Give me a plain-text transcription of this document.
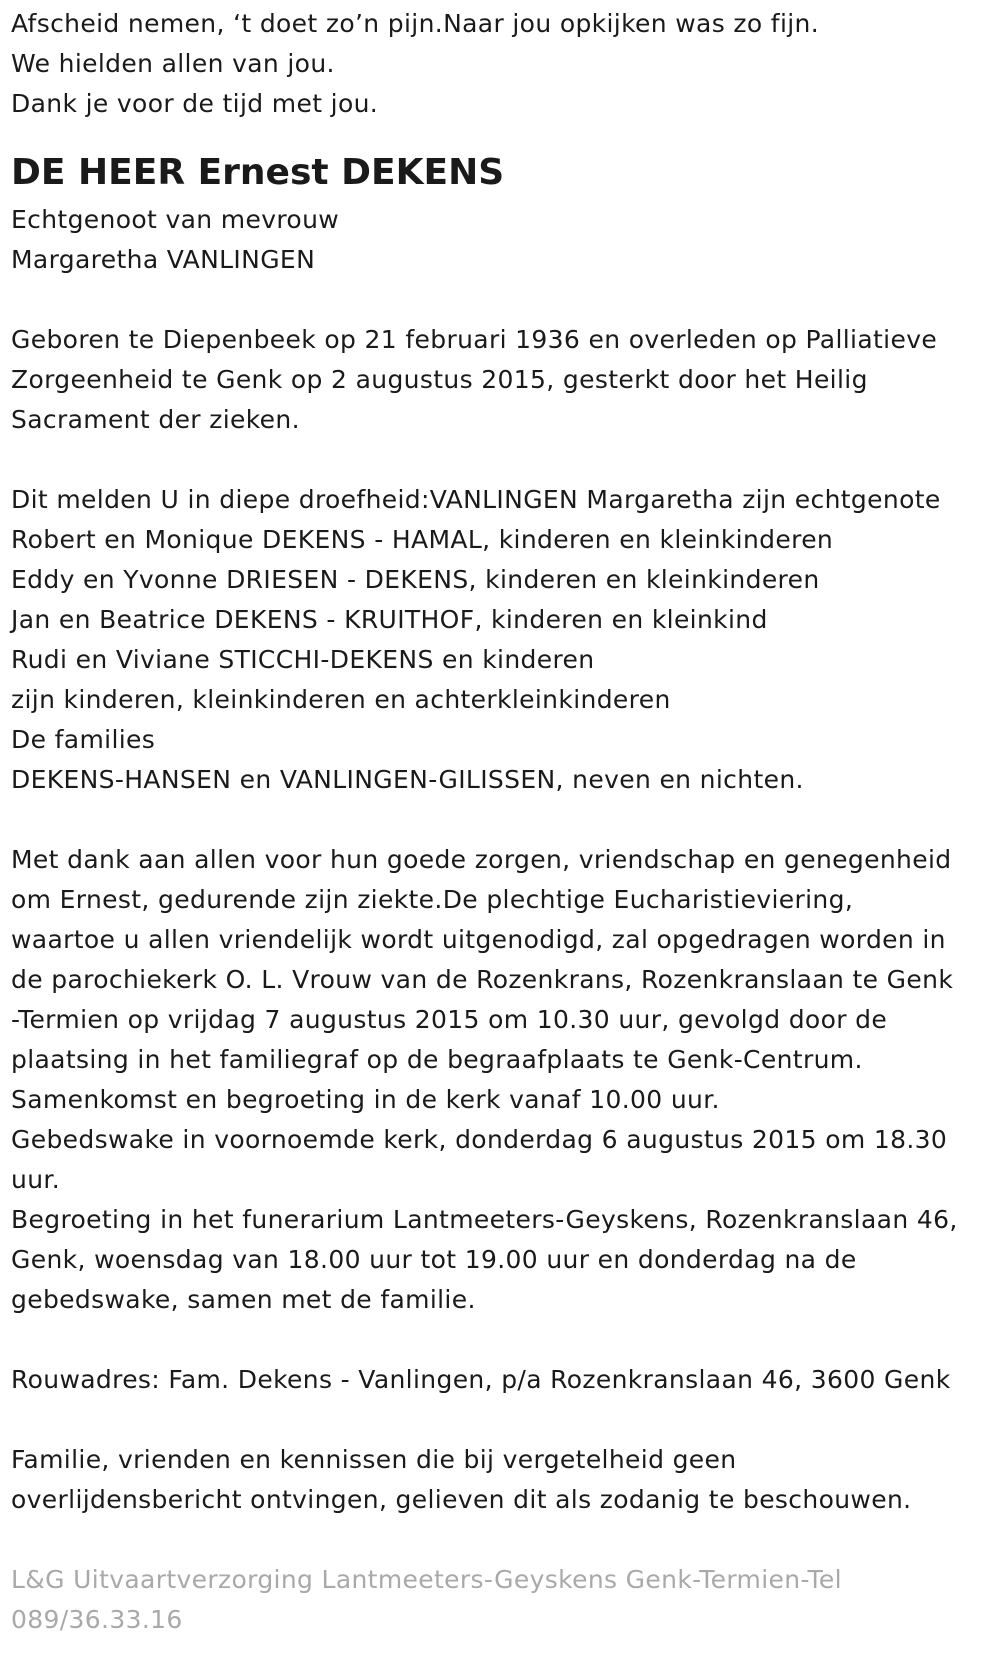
Afscheid nemen, ‘t doet zo’n pijn.Naar jou opkijken was zo fijn.
We hielden allen van jou.
Dank je voor de tijd met jou.
DE HEER Ernest DEKENS
Echtgenoot van mevrouw
Margaretha VANLINGEN
Geboren te Diepenbeek op 21 februari 1936 en overleden op Palliatieve
Zorgeenheid te Genk op 2 augustus 2015, gesterkt door het Heilig
Sacrament der zieken.
Dit melden U in diepe droefheid:VANLINGEN Margaretha zijn echtgenote
Robert en Monique DEKENS - HAMAL, kinderen en kleinkinderen
Eddy en Yvonne DRIESEN - DEKENS, kinderen en kleinkinderen
Jan en Beatrice DEKENS - KRUITHOF, kinderen en kleinkind
Rudi en Viviane STICCHI-DEKENS en kinderen
zijn kinderen, kleinkinderen en achterkleinkinderen
De families
DEKENS-HANSEN en VANLINGEN-GILISSEN, neven en nichten.
Met dank aan allen voor hun goede zorgen, vriendschap en genegenheid
om Ernest, gedurende zijn ziekte.De plechtige Eucharistieviering,
waartoe u allen vriendelijk wordt uitgenodigd, zal opgedragen worden in
de parochiekerk O. L. Vrouw van de Rozenkrans, Rozenkranslaan te Genk
-Termien op vrijdag 7 augustus 2015 om 10.30 uur, gevolgd door de
plaatsing in het familiegraf op de begraafplaats te Genk-Centrum.
Samenkomst en begroeting in de kerk vanaf 10.00 uur.
Gebedswake in voornoemde kerk, donderdag 6 augustus 2015 om 18.30
uur.
Begroeting in het funerarium Lantmeeters-Geyskens, Rozenkranslaan 46,
Genk, woensdag van 18.00 uur tot 19.00 uur en donderdag na de
gebedswake, samen met de familie.
Rouwadres: Fam. Dekens - Vanlingen, p/a Rozenkranslaan 46, 3600 Genk
Familie, vrienden en kennissen die bij vergetelheid geen
overlijdensbericht ontvingen, gelieven dit als zodanig te beschouwen.
L&G Uitvaartverzorging Lantmeeters-Geyskens Genk-Termien-Tel
089/36.33.16
